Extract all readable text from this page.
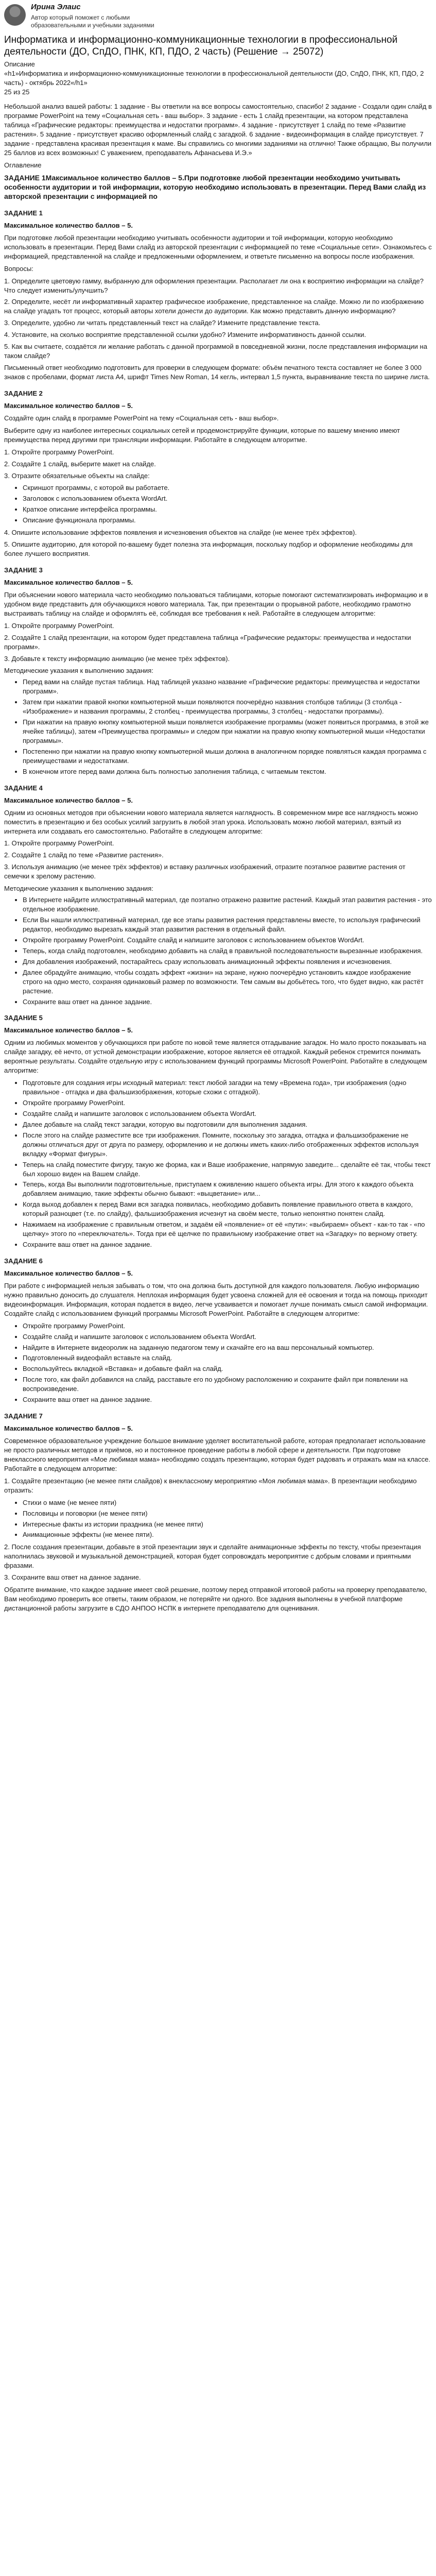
Ирина Элаис
Автор который поможет с любыми образовательными и учебными заданиями
Информатика и информационно-коммуникационные технологии в профессиональной деятельности (ДО, СпДО, ПНК, КП, ПДО, 2 часть) (Решение → 25072)
Описание
«h1»Информатика и информационно-коммуникационные технологии в профессиональной деятельности (ДО, СпДО, ПНК, КП, ПДО, 2 часть) - октябрь 2022«/h1»
25 из 25

Небольшой анализ вашей работы: 1 задание - Вы ответили на все вопросы самостоятельно, спасибо! 2 задание - Создали один слайд в программе PowerPoint на тему «Социальная сеть - ваш выбор». 3 задание - есть 1 слайд презентации, на котором представлена таблица «Графические редакторы: преимущества и недостатки программ». 4 задание - присутствует 1 слайд по теме «Развитие растения». 5 задание - присутствует красиво оформленный слайд с загадкой. 6 задание - видеоинформация в слайде присутствует. 7 задание - представлена красивая презентация к маме. Вы справились со многими заданиями на отлично! Также обращаю, Вы получили 25 баллов из всех возможных! С уважением, преподаватель Афанасьева И.Э.»

Оглавление
ЗАДАНИЕ 1Максимальное количество баллов – 5.При подготовке любой презентации необходимо учитывать особенности аудитории и той информации, которую необходимо использовать в презентации. Перед Вами слайд из авторской презентации с информацией по
ЗАДАНИЕ 1
Максимальное количество баллов – 5.

При подготовке любой презентации необходимо учитывать особенности аудитории и той информации, которую необходимо использовать в презентации. Перед Вами слайд из авторской презентации с информацией по теме «Социальные сети». Ознакомьтесь с информацией, представленной на слайде и предложенными оформлением, и ответьте письменно на вопросы после изображения.

Вопросы:

1. Определите цветовую гамму, выбранную для оформления презентации. Располагает ли она к восприятию информации на слайде? Что следует изменить/улучшить?
2. Определите, несёт ли информативный характер графическое изображение, представленное на слайде. Можно ли по изображению на слайде угадать тот процесс, который авторы хотели донести до аудитории. Как можно представить данную информацию?
3. Определите, удобно ли читать представленный текст на слайде? Измените представление текста.
4. Установите, на сколько восприятие представленной ссылки удобно? Измените информативность данной ссылки.
5. Как вы считаете, создаётся ли желание работать с данной программой в повседневной жизни, после представления информации на таком слайде?
Письменный ответ необходимо подготовить для проверки в следующем формате: объём печатного текста составляет не более 3 000 знаков с пробелами, формат листа А4, шрифт Times New Roman, 14 кегль, интервал 1,5 пункта, выравнивание текста по ширине листа.
ЗАДАНИЕ 2
Максимальное количество баллов – 5.

Создайте один слайд в программе PowerPoint на тему «Социальная сеть - ваш выбор».

Выберите одну из наиболее интересных социальных сетей и продемонстрируйте функции, которые по вашему мнению имеют преимущества перед другими при трансляции информации. Работайте в следующем алгоритме.

1. Откройте программу PowerPoint.
2. Создайте 1 слайд, выберите макет на слайде.
3. Отразите обязательные объекты на слайде:
• Скриншот программы, с которой вы работаете.
• Заголовок с использованием объекта WordArt.
• Краткое описание интерфейса программы.
• Описание функционала программы.
4. Опишите использование эффектов появления и исчезновения объектов на слайде (не менее трёх эффектов).
5. Опишите аудиторию, для которой по-вашему будет полезна эта информация, поскольку подбор и оформление необходимы для более лучшего восприятия.
ЗАДАНИЕ 3
Максимальное количество баллов – 5.

При объяснении нового материала часто необходимо пользоваться таблицами, которые помогают систематизировать информацию и в удобном виде представить для обучающихся нового материала. Так, при презентации о прорывной работе, необходимо грамотно выстраивать таблицу на слайде и оформлять её, соблюдая все требования к ней. Работайте в следующем алгоритме:

1. Откройте программу PowerPoint.
2. Создайте 1 слайд презентации, на котором будет представлена таблица «Графические редакторы: преимущества и недостатки программ».
3. Добавьте к тексту информацию анимацию (не менее трёх эффектов).

Методические указания к выполнению задания:

• Перед вами на слайде пустая таблица. Над таблицей указано название «Графические редакторы: преимущества и недостатки программ».
• Затем при нажатии правой кнопки компьютерной мыши появляются поочерёдно названия столбцов таблицы (3 столбца - «Изображение» и названия программы, 2 столбец - преимущества программы, 3 столбец - недостатки программы).
• При нажатии на правую кнопку компьютерной мыши появляется изображение программы (может появиться программа, в этой же ячейке таблицы), затем «Преимущества программы» и следом при нажатии на правую кнопку компьютерной мыши «Недостатки программы».
• Постепенно при нажатии на правую кнопку компьютерной мыши должна в аналогичном порядке появляться каждая программа с преимуществами и недостатками.
• В конечном итоге перед вами должна быть полностью заполнения таблица, с читаемым текстом.
ЗАДАНИЕ 4
Максимальное количество баллов – 5.

Одним из основных методов при объяснении нового материала является наглядность. В современном мире все наглядность можно поместить в презентацию и без особых усилий загрузить в любой этап урока. Использовать можно любой материал, взятый из интернета или создавать его самостоятельно. Работайте в следующем алгоритме:

1. Откройте программу PowerPoint.
2. Создайте 1 слайд по теме «Развитие растения».
3. Используя анимацию (не менее трёх эффектов) и вставку различных изображений, отразите поэтапное развитие растения от семечки к зрелому растению.

Методические указания к выполнению задания:

• В Интернете найдите иллюстративный материал, где поэтапно отражено развитие растений. Каждый этап развития растения - это отдельное изображение.
• Если Вы нашли иллюстративный материал, где все этапы развития растения представлены вместе, то используя графический редактор, необходимо вырезать каждый этап развития растения в отдельный файл.
• Откройте программу PowerPoint. Создайте слайд и напишите заголовок с использованием объектов WordArt.
• Теперь, когда слайд подготовлен, необходимо добавить на слайд в правильной последовательности вырезанные изображения.
• Для добавления изображений, постарайтесь сразу использовать анимационный эффекты появления и исчезновения.
• Далее обрадуйте анимацию, чтобы создать эффект «жизни» на экране, нужно поочерёдно установить каждое изображение строго на одно место, сохраняя одинаковый размер по возможности. Тем самым вы добьётесь того, что будет видно, как растёт растение.
• Сохраните ваш ответ на данное задание.
ЗАДАНИЕ 5
Максимальное количество баллов – 5.

Одним из любимых моментов у обучающихся при работе по новой теме является отгадывание загадок. Но мало просто показывать на слайде загадку, её нечто, от устной демонстрации изображение, которое является её отгадкой. Каждый ребенок стремится понимать вероятные результаты. Создайте отдельную игру с использованием функций программы Microsoft PowerPoint. Работайте в следующем алгоритме:

• Подготовьте для создания игры исходный материал: текст любой загадки на тему «Времена года», три изображения (одно правильное - отгадка и два фальшизображения, которые схожи с отгадкой).
• Откройте программу PowerPoint.
• Создайте слайд и напишите заголовок с использованием объекта WordArt.
• Далее добавьте на слайд текст загадки, которую вы подготовили для выполнения задания.
• После этого на слайде разместите все три изображения. Помните, поскольку это загадка, отгадка и фальшизображение не должны отличаться друг от друга по размеру, оформлению и не должны иметь каких-либо отображенных эффектов используя вкладку «Формат фигуры».
• Теперь на слайд поместите фигуру, такую же форма, как и Ваше изображение, напрямую заведите... сделайте её так, чтобы текст был хорошо виден на Вашем слайде.
• Теперь, когда Вы выполнили подготовительные, приступаем к оживлению нашего объекта игры. Для этого к каждого объекта добавляем анимацию, такие эффекты обычно бывают: «выцветание» или...
• Когда выход добавлен к перед Вами вся загадка появилась, необходимо добавить появление правильного ответа в каждого, который разноцвет (т.е. по слайду), фальшизображения исчезнут на своём месте, только непонятно понятен слайд.
• Нажимаем на изображение с правильным ответом, и задаём ей «появление» от её «пути»: «выбираем» объект - как-то так - «по щелчку» этого по «переключатель». Тогда при её щелчке по правильному изображение ответ на «Загадку» по верному ответу.
• Сохраните ваш ответ на данное задание.
ЗАДАНИЕ 6
Максимальное количество баллов – 5.

При работе с информацией нельзя забывать о том, что она должна быть доступной для каждого пользователя. Любую информацию нужно правильно доносить до слушателя. Неплохая информация будет усвоена сложней для её освоения и тогда на помощь приходит видеоинформация. Информация, которая подается в видео, легче усваивается и помогает лучше понимать смысл самой информации. Создайте слайд с использованием функций программы Microsoft PowerPoint. Работайте в следующем алгоритме:

• Откройте программу PowerPoint.
• Создайте слайд и напишите заголовок с использованием объекта WordArt.
• Найдите в Интернете видеоролик на заданную педагогом тему и скачайте его на ваш персональный компьютер.
• Подготовленный видеофайл вставьте на слайд.
• Воспользуйтесь вкладкой «Вставка» и добавьте файл на слайд.
• После того, как файл добавился на слайд, расставьте его по удобному расположению и сохраните файл при появлении на воспроизведение.
• Сохраните ваш ответ на данное задание.
ЗАДАНИЕ 7
Максимальное количество баллов – 5.

Современное образовательное учреждение большое внимание уделяет воспитательной работе, которая предполагает использование не просто различных методов и приёмов, но и постоянное проведение работы в любой сфере и деятельности. При подготовке внеклассного мероприятия «Мое любимая мама» необходимо создать презентацию, которая будет радовать и отражать мам на классе. Работайте в следующем алгоритме:

1. Создайте презентацию (не менее пяти слайдов) к внеклассному мероприятию «Моя любимая мама». В презентации необходимо отразить:
• Стихи о маме (не менее пяти)
• Пословицы и поговорки (не менее пяти)
• Интересные факты из истории праздника (не менее пяти)
• Анимационные эффекты (не менее пяти).
2. После создания презентации, добавьте в этой презентации звук и сделайте анимационные эффекты по тексту, чтобы презентация наполнилась звуковой и музыкальной демонстрацией, которая будет сопровождать мероприятие с добрым словами и приятными фразами.
3. Сохраните ваш ответ на данное задание.

Обратите внимание, что каждое задание имеет свой решение, поэтому перед отправкой итоговой работы на проверку преподавателю, Вам необходимо проверить все ответы, таким образом, не потеряйте ни одного. Все задания выполнены в учебной платформе дистанционной работы загрузите в СДО АНПОО НСПК в интернете преподавателю для оценивания.
